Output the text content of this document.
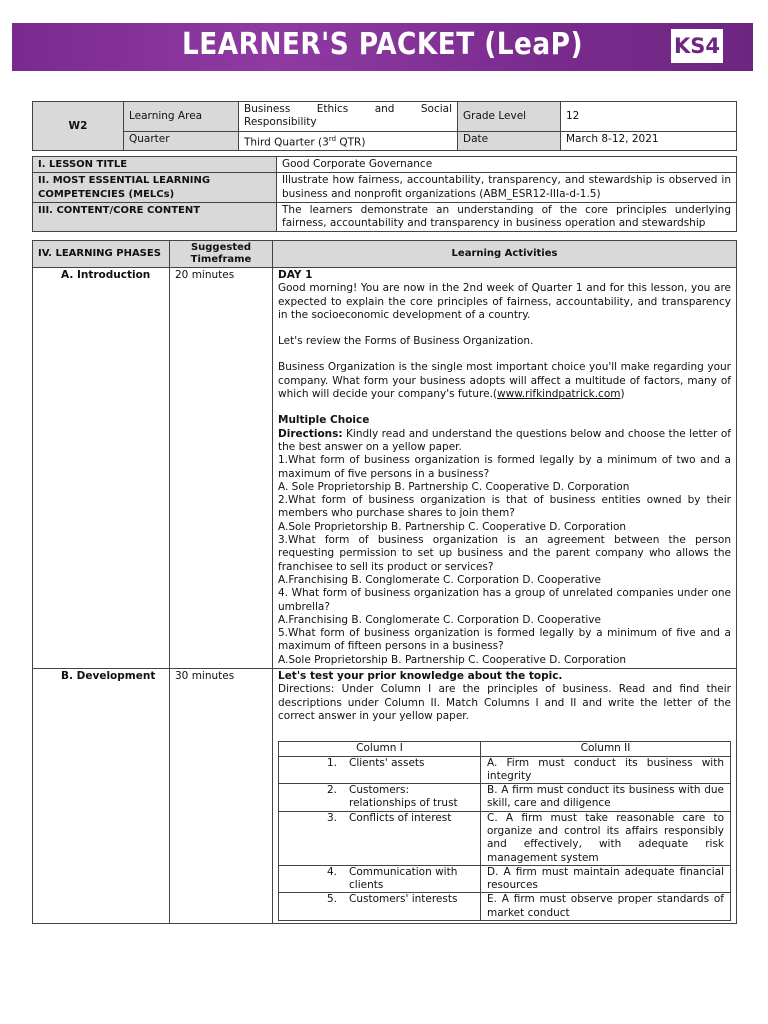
LEARNER'S PACKET (LeaP)	KS4
W2	Learning Area	Business Ethics and Social Responsibility	Grade Level	12
	Quarter	Third Quarter (3rd QTR)	Date	March 8-12, 2021
I. LESSON TITLE	Good Corporate Governance
II. MOST ESSENTIAL LEARNING COMPETENCIES (MELCs)	Illustrate how fairness, accountability, transparency, and stewardship is observed in business and nonprofit organizations (ABM_ESR12-IIIa-d-1.5)
III. CONTENT/CORE CONTENT	The learners demonstrate an understanding of the core principles underlying fairness, accountability and transparency in business operation and stewardship
IV. LEARNING PHASES	Suggested Timeframe	Learning Activities
A. Introduction	20 minutes	DAY 1

Good morning! You are now in the 2nd week of Quarter 1 and for this lesson, you are expected to explain the core principles of fairness, accountability, and transparency in the socioeconomic development of a country.

Let's review the Forms of Business Organization.

Business Organization is the single most important choice you'll make regarding your company. What form your business adopts will affect a multitude of factors, many of which will decide your company's future.(www.rifkindpatrick.com)

Multiple Choice

Directions: Kindly read and understand the questions below and choose the letter of the best answer on a yellow paper.

1.What form of business organization is formed legally by a minimum of two and a maximum of five persons in a business?

A. Sole Proprietorship B. Partnership C. Cooperative D. Corporation

2.What form of business organization is that of business entities owned by their members who purchase shares to join them?

A.Sole Proprietorship B. Partnership C. Cooperative D. Corporation

3.What form of business organization is an agreement between the person requesting permission to set up business and the parent company who allows the franchisee to sell its product or services?

A.Franchising B. Conglomerate C. Corporation D. Cooperative

4. What form of business organization has a group of unrelated companies under one umbrella?

A.Franchising B. Conglomerate C. Corporation D. Cooperative

5.What form of business organization is formed legally by a minimum of five and a maximum of fifteen persons in a business?

A.Sole Proprietorship B. Partnership C. Cooperative D. Corporation

B. Development	30 minutes	Let's test your prior knowledge about the topic.

Directions: Under Column I are the principles of business. Read and find their descriptions under Column II. Match Columns I and II and write the letter of the correct answer in your yellow paper.

Column I	Column II
1.	Clients' assets	A. Firm must conduct its business with integrity
2.	Customers: relationships of trust	B. A firm must conduct its business with due skill, care and diligence
3.	Conflicts of interest	C. A firm must take reasonable care to organize and control its affairs responsibly and effectively, with adequate risk management system
4.	Communication with clients	D. A firm must maintain adequate financial resources
5.	Customers' interests	E. A firm must observe proper standards of market conduct
